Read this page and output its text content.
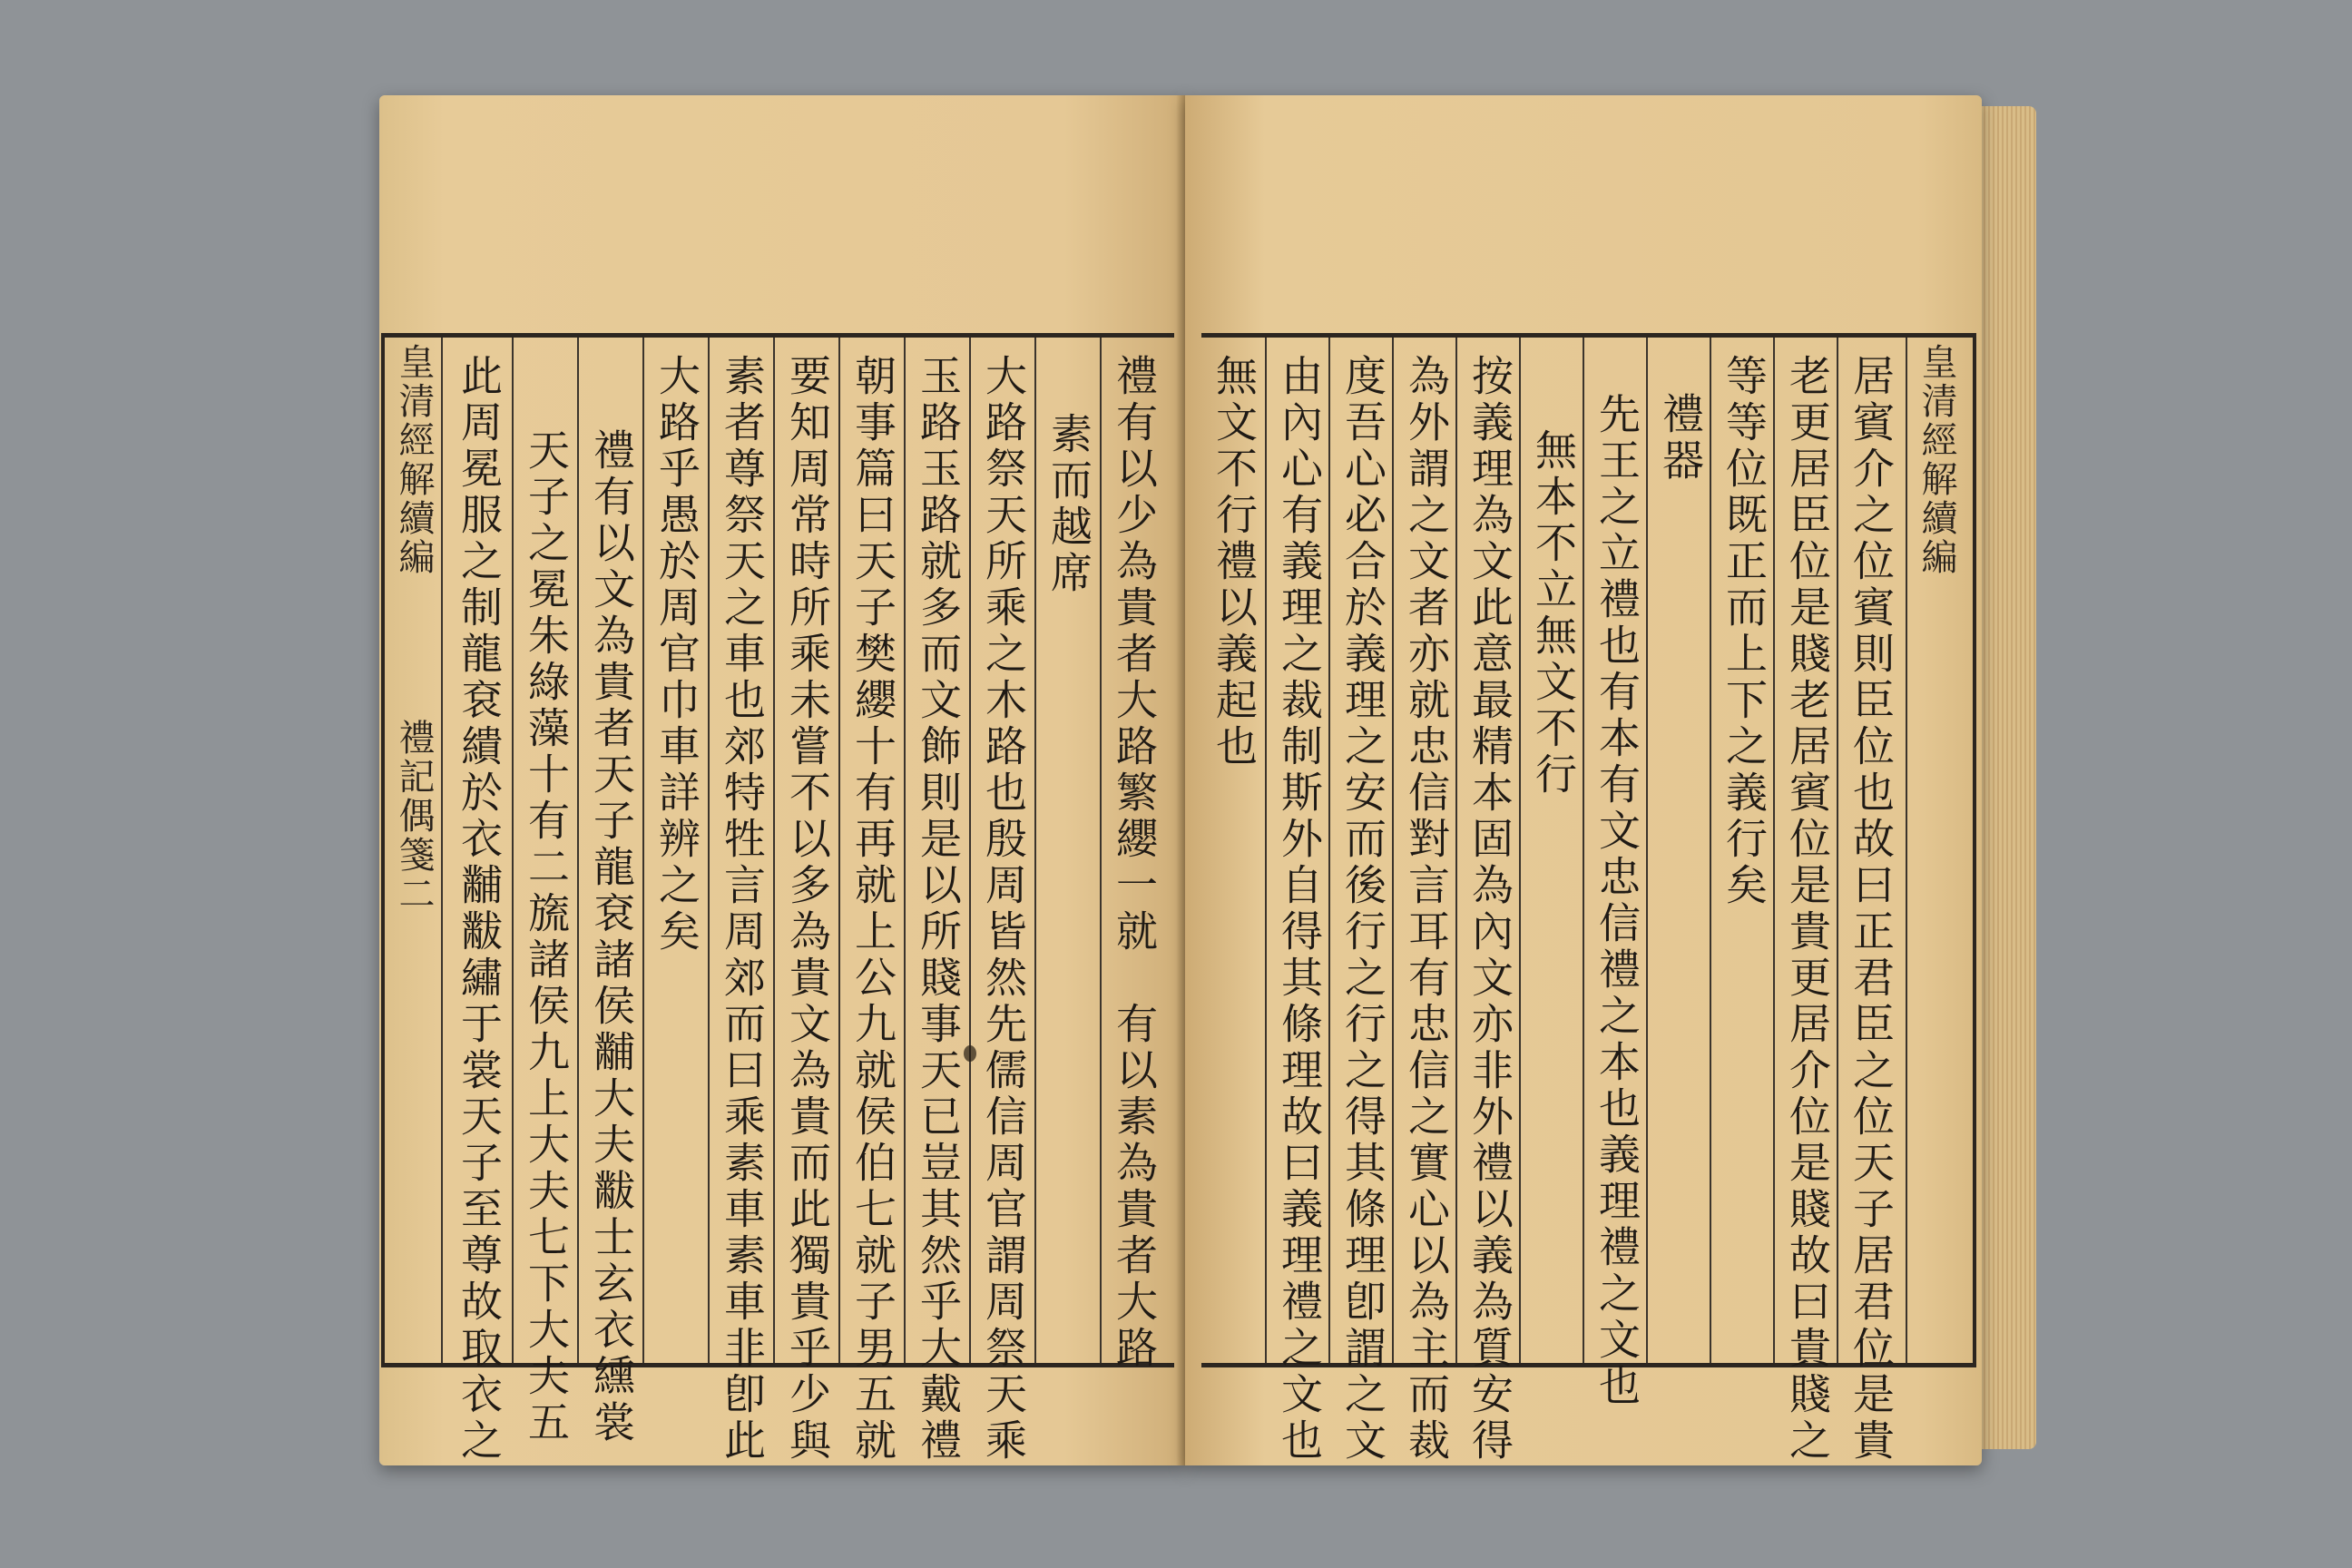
皇清經解續編
禮記偶箋二	禮有以少為貴者大路繁纓一就　有以素為貴者大路
素而越席
大路祭天所乘之木路也殷周皆然先儒信周官謂周祭天乘
玉路玉路就多而文飾則是以所賤事天已豈其然乎大戴禮
朝事篇曰天子樊纓十有再就上公九就侯伯七就子男五就
要知周常時所乘未嘗不以多為貴文為貴而此獨貴乎少與
素者尊祭天之車也郊特牲言周郊而曰乘素車素車非卽此
大路乎愚於周官巾車詳辨之矣
禮有以文為貴者天子龍袞諸侯黼大夫黻士玄衣纁裳
天子之冕朱綠藻十有二旒諸侯九上大夫七下大夫五
此周冕服之制龍袞繢於衣黼黻繡于裳天子至尊故取衣之	皇清經解續編
居賓介之位賓則臣位也故曰正君臣之位天子居君位是貴
老更居臣位是賤老居賓位是貴更居介位是賤故曰貴賤之
等等位既正而上下之義行矣
禮器
先王之立禮也有本有文忠信禮之本也義理禮之文也
無本不立無文不行
按義理為文此意最精本固為內文亦非外禮以義為質安得
為外謂之文者亦就忠信對言耳有忠信之實心以為主而裁
度吾心必合於義理之安而後行之行之得其條理卽謂之文
由內心有義理之裁制斯外自得其條理故曰義理禮之文也
無文不行禮以義起也
